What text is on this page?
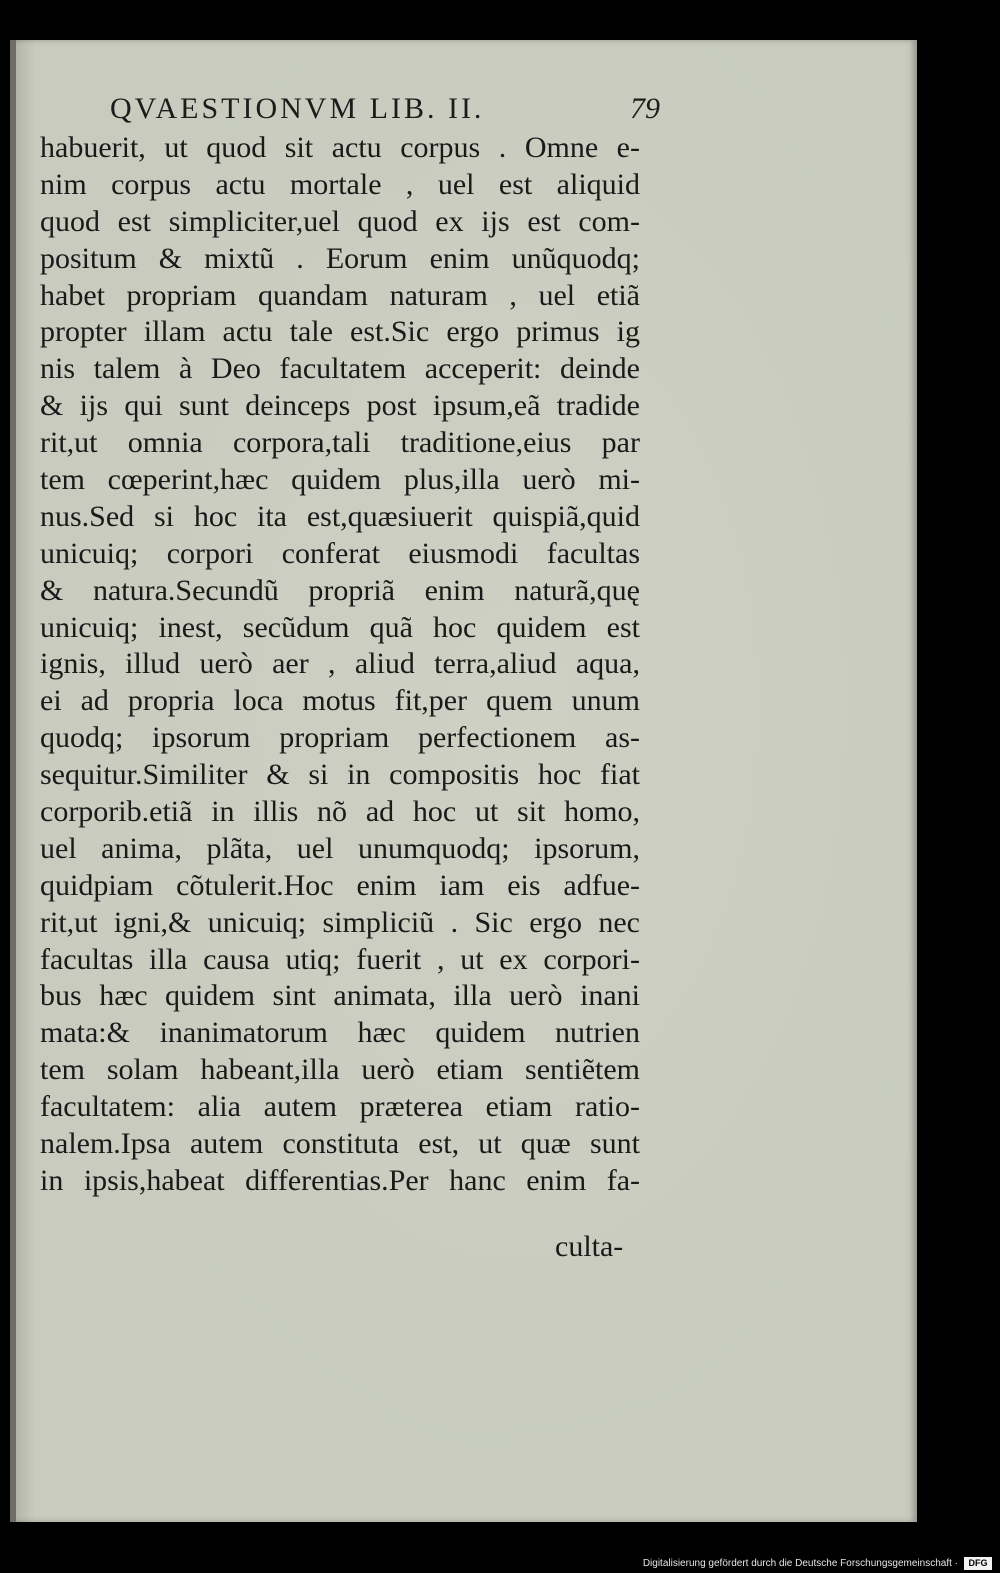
QVAESTIONVM LIB. II.	79
habuerit, ut quod sit actu corpus . Omne e-
nim corpus actu mortale , uel est aliquid
quod est simpliciter,uel quod ex ijs est com-
positum & mixtũ . Eorum enim unũquodq;
habet propriam quandam naturam , uel etiã
propter illam actu tale est.Sic ergo primus ig
nis talem à Deo facultatem acceperit: deinde
& ijs qui sunt deinceps post ipsum,eã tradide
rit,ut omnia corpora,tali traditione,eius par
tem cœperint,hæc quidem plus,illa uerò mi-
nus.Sed si hoc ita est,quæsiuerit quispiã,quid
unicuiq; corpori conferat eiusmodi facultas
& natura.Secundũ propriã enim naturã,quę
unicuiq; inest, secũdum quã hoc quidem est
ignis, illud uerò aer , aliud terra,aliud aqua,
ei ad propria loca motus fit,per quem unum
quodq; ipsorum propriam perfectionem as-
sequitur.Similiter & si in compositis hoc fiat
corporib.etiã in illis nõ ad hoc ut sit homo,
uel anima, plãta, uel unumquodq; ipsorum,
quidpiam cõtulerit.Hoc enim iam eis adfue-
rit,ut igni,& unicuiq; simpliciũ . Sic ergo nec
facultas illa causa utiq; fuerit , ut ex corpori-
bus hæc quidem sint animata, illa uerò inani
mata:& inanimatorum hæc quidem nutrien
tem solam habeant,illa uerò etiam sentiẽtem
facultatem: alia autem præterea etiam ratio-
nalem.Ipsa autem constituta est, ut quæ sunt
in ipsis,habeat differentias.Per hanc enim fa-
culta-
Digitalisierung gefördert durch die Deutsche Forschungsgemeinschaft ·	DFG
